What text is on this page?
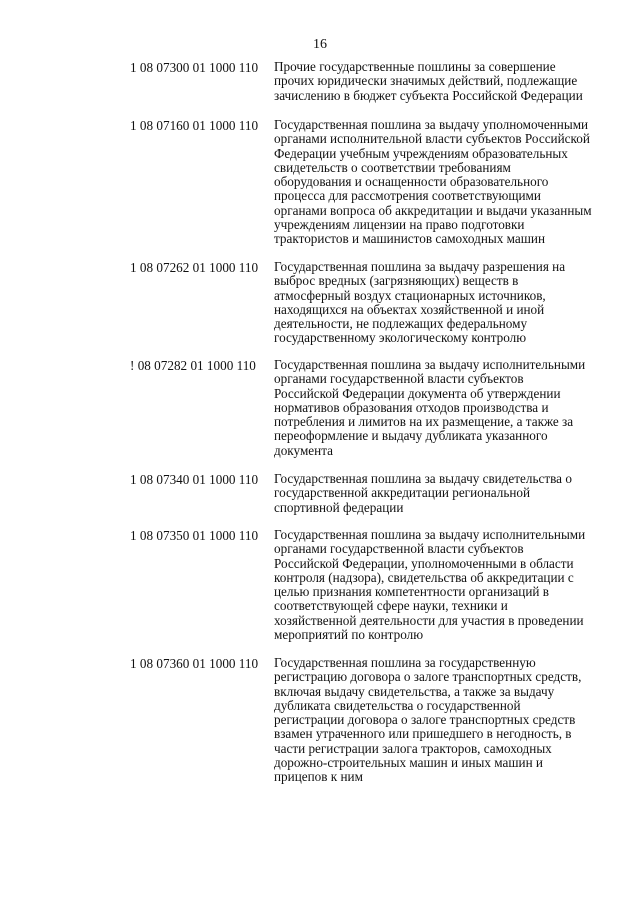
16
1 08 07300 01 1000 110	Прочие государственные пошлины за совершение
прочих юридически значимых действий, подлежащие
зачислению в бюджет субъекта Российской Федерации
1 08 07160 01 1000 110	Государственная пошлина за выдачу уполномоченными
органами исполнительной власти субъектов Российской
Федерации учебным учреждениям образовательных
свидетельств о соответствии требованиям
оборудования и оснащенности образовательного
процесса для рассмотрения соответствующими
органами вопроса об аккредитации и выдачи указанным
учреждениям лицензии на право подготовки
трактористов и машинистов самоходных машин
1 08 07262 01 1000 110	Государственная пошлина за выдачу разрешения на
выброс вредных (загрязняющих) веществ в
атмосферный воздух стационарных источников,
находящихся на объектах хозяйственной и иной
деятельности, не подлежащих федеральному
государственному экологическому контролю
! 08 07282 01 1000 110	Государственная пошлина за выдачу исполнительными
органами государственной власти субъектов
Российской Федерации документа об утверждении
нормативов образования отходов производства и
потребления и лимитов на их размещение, а также за
переоформление и выдачу дубликата указанного
документа
1 08 07340 01 1000 110	Государственная пошлина за выдачу свидетельства о
государственной аккредитации региональной
спортивной федерации
1 08 07350 01 1000 110	Государственная пошлина за выдачу исполнительными
органами государственной власти субъектов
Российской Федерации, уполномоченными в области
контроля (надзора), свидетельства об аккредитации с
целью признания компетентности организаций в
соответствующей сфере науки, техники и
хозяйственной деятельности для участия в проведении
мероприятий по контролю
1 08 07360 01 1000 110	Государственная пошлина за государственную
регистрацию договора о залоге транспортных средств,
включая выдачу свидетельства, а также за выдачу
дубликата свидетельства о государственной
регистрации договора о залоге транспортных средств
взамен утраченного или пришедшего в негодность, в
части регистрации залога тракторов, самоходных
дорожно-строительных машин и иных машин и
прицепов к ним
